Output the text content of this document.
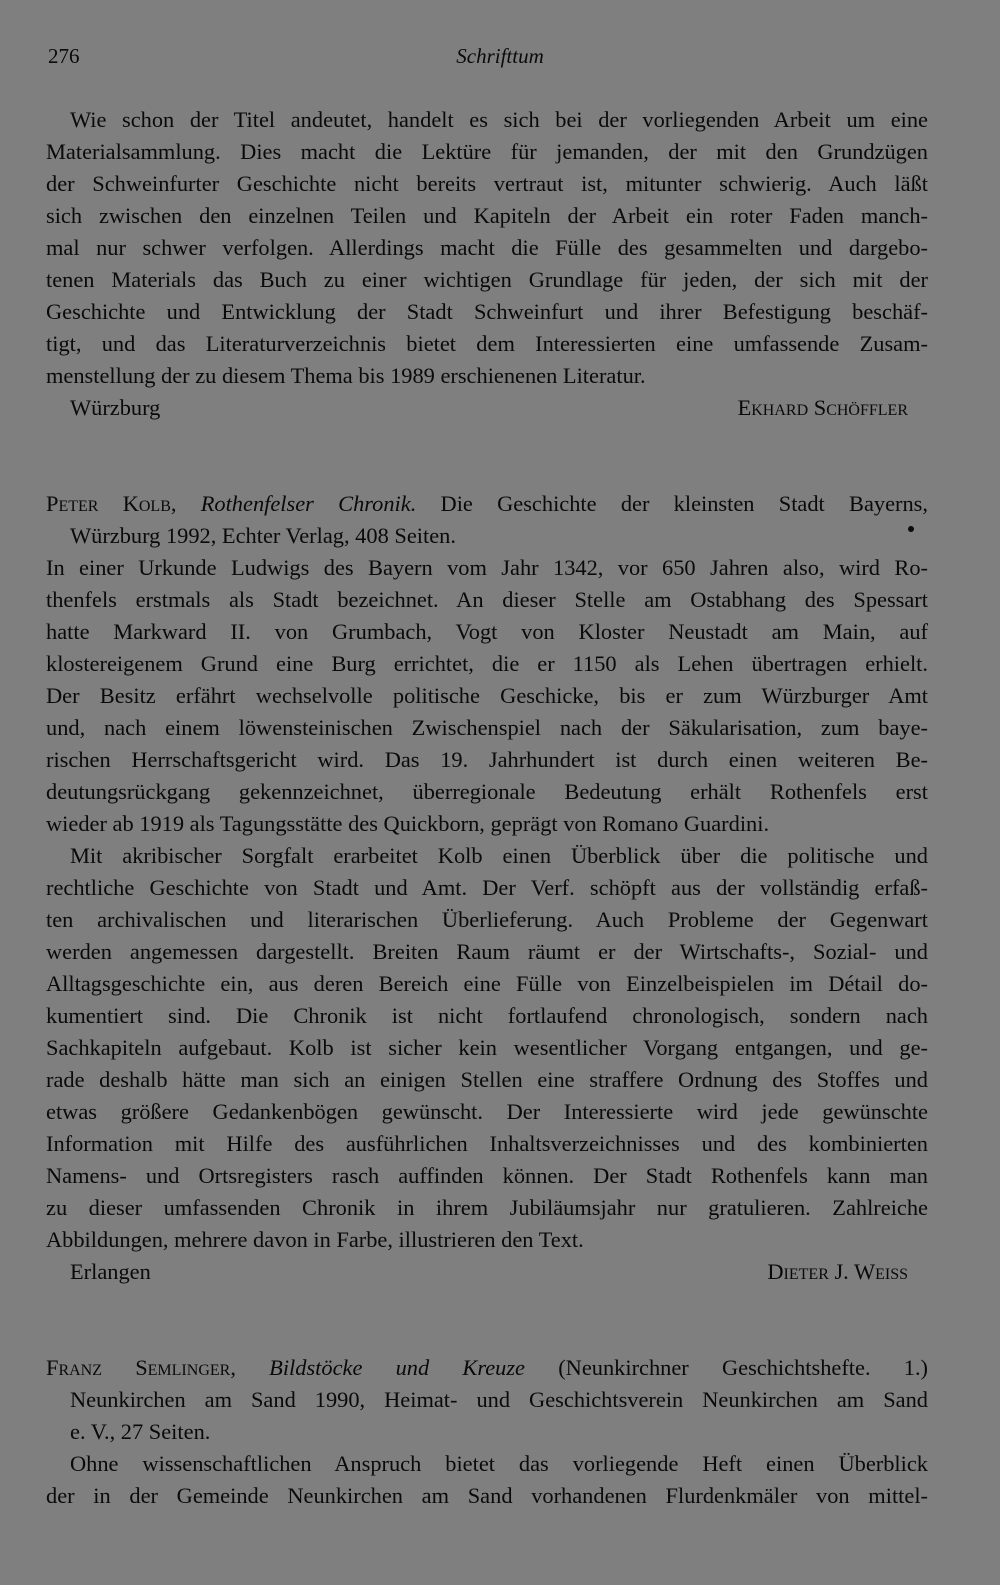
276	Schrifttum
Wie schon der Titel andeutet, handelt es sich bei der vorliegenden Arbeit um eine
Materialsammlung. Dies macht die Lektüre für jemanden, der mit den Grundzügen
der Schweinfurter Geschichte nicht bereits vertraut ist, mitunter schwierig. Auch läßt
sich zwischen den einzelnen Teilen und Kapiteln der Arbeit ein roter Faden manch-
mal nur schwer verfolgen. Allerdings macht die Fülle des gesammelten und dargebo-
tenen Materials das Buch zu einer wichtigen Grundlage für jeden, der sich mit der
Geschichte und Entwicklung der Stadt Schweinfurt und ihrer Befestigung beschäf-
tigt, und das Literaturverzeichnis bietet dem Interessierten eine umfassende Zusam-
menstellung der zu diesem Thema bis 1989 erschienenen Literatur.
Würzburg	Ekhard Schöffler
Peter Kolb, Rothenfelser Chronik. Die Geschichte der kleinsten Stadt Bayerns,
Würzburg 1992, Echter Verlag, 408 Seiten.
In einer Urkunde Ludwigs des Bayern vom Jahr 1342, vor 650 Jahren also, wird Ro-
thenfels erstmals als Stadt bezeichnet. An dieser Stelle am Ostabhang des Spessart
hatte Markward II. von Grumbach, Vogt von Kloster Neustadt am Main, auf
klostereigenem Grund eine Burg errichtet, die er 1150 als Lehen übertragen erhielt.
Der Besitz erfährt wechselvolle politische Geschicke, bis er zum Würzburger Amt
und, nach einem löwensteinischen Zwischenspiel nach der Säkularisation, zum baye-
rischen Herrschaftsgericht wird. Das 19. Jahrhundert ist durch einen weiteren Be-
deutungsrückgang gekennzeichnet, überregionale Bedeutung erhält Rothenfels erst
wieder ab 1919 als Tagungsstätte des Quickborn, geprägt von Romano Guardini.
Mit akribischer Sorgfalt erarbeitet Kolb einen Überblick über die politische und
rechtliche Geschichte von Stadt und Amt. Der Verf. schöpft aus der vollständig erfaß-
ten archivalischen und literarischen Überlieferung. Auch Probleme der Gegenwart
werden angemessen dargestellt. Breiten Raum räumt er der Wirtschafts-, Sozial- und
Alltagsgeschichte ein, aus deren Bereich eine Fülle von Einzelbeispielen im Détail do-
kumentiert sind. Die Chronik ist nicht fortlaufend chronologisch, sondern nach
Sachkapiteln aufgebaut. Kolb ist sicher kein wesentlicher Vorgang entgangen, und ge-
rade deshalb hätte man sich an einigen Stellen eine straffere Ordnung des Stoffes und
etwas größere Gedankenbögen gewünscht. Der Interessierte wird jede gewünschte
Information mit Hilfe des ausführlichen Inhaltsverzeichnisses und des kombinierten
Namens- und Ortsregisters rasch auffinden können. Der Stadt Rothenfels kann man
zu dieser umfassenden Chronik in ihrem Jubiläumsjahr nur gratulieren. Zahlreiche
Abbildungen, mehrere davon in Farbe, illustrieren den Text.
Erlangen	Dieter J. Weiss
Franz Semlinger, Bildstöcke und Kreuze (Neunkirchner Geschichtshefte. 1.)
Neunkirchen am Sand 1990, Heimat- und Geschichtsverein Neunkirchen am Sand
e. V., 27 Seiten.
Ohne wissenschaftlichen Anspruch bietet das vorliegende Heft einen Überblick
der in der Gemeinde Neunkirchen am Sand vorhandenen Flurdenkmäler von mittel-
